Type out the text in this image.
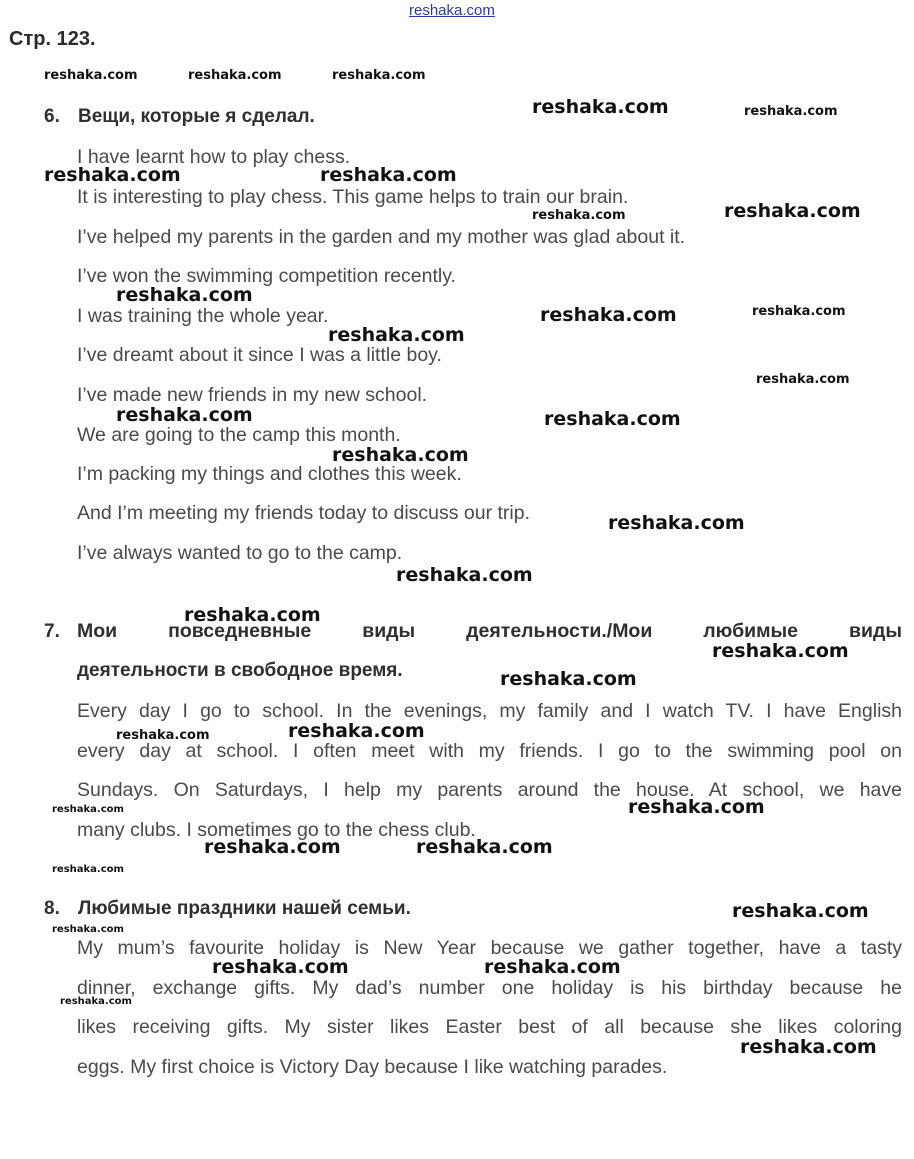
reshaka.com
Стр. 123.
6. Вещи, которые я сделал.
I have learnt how to play chess.
It is interesting to play chess. This game helps to train our brain.
I’ve helped my parents in the garden and my mother was glad about it.
I’ve won the swimming competition recently.
I was training the whole year.
I’ve dreamt about it since I was a little boy.
I’ve made new friends in my new school.
We are going to the camp this month.
I’m packing my things and clothes this week.
And I’m meeting my friends today to discuss our trip.
I’ve always wanted to go to the camp.
7. Мои повседневные виды деятельности./Мои любимые виды
деятельности в свободное время.
Every day I go to school. In the evenings, my family and I watch TV. I have English
every day at school. I often meet with my friends. I go to the swimming pool on
Sundays. On Saturdays, I help my parents around the house. At school, we have
many clubs. I sometimes go to the chess club.
8. Любимые праздники нашей семьи.
My mum’s favourite holiday is New Year because we gather together, have a tasty
dinner, exchange gifts. My dad’s number one holiday is his birthday because he
likes receiving gifts. My sister likes Easter best of all because she likes coloring
eggs. My first choice is Victory Day because I like watching parades.
reshaka.com	reshaka.com	reshaka.com
reshaka.com	reshaka.com
reshaka.com	reshaka.com
reshaka.com	reshaka.com
reshaka.com
reshaka.com	reshaka.com
reshaka.com
reshaka.com
reshaka.com	reshaka.com
reshaka.com
reshaka.com
reshaka.com
reshaka.com
reshaka.com
reshaka.com
reshaka.com	reshaka.com
reshaka.com
reshaka.com
reshaka.com	reshaka.com
reshaka.com
reshaka.com
reshaka.com
reshaka.com	reshaka.com
reshaka.com
reshaka.com
